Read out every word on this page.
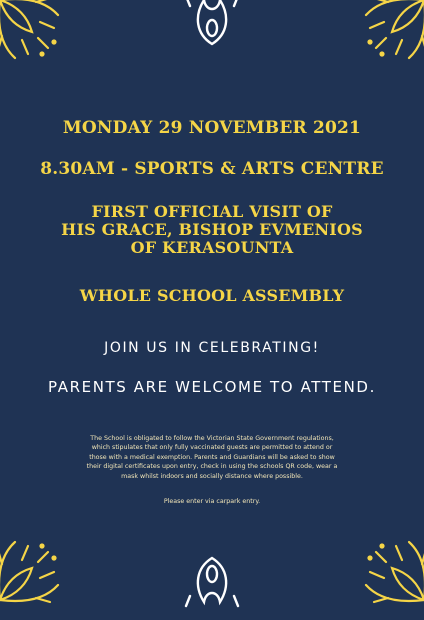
MONDAY 29 NOVEMBER 2021
8.30AM - SPORTS & ARTS CENTRE
FIRST OFFICIAL VISIT OF
HIS GRACE, BISHOP EVMENIOS
OF KERASOUNTA
WHOLE SCHOOL ASSEMBLY
JOIN US IN CELEBRATING!
PARENTS ARE WELCOME TO ATTEND.
The School is obligated to follow the Victorian State Government regulations,
which stipulates that only fully vaccinated guests are permitted to attend or
those with a medical exemption. Parents and Guardians will be asked to show
their digital certificates upon entry, check in using the schools QR code, wear a
mask whilst indoors and socially distance where possible.
Please enter via carpark entry.
